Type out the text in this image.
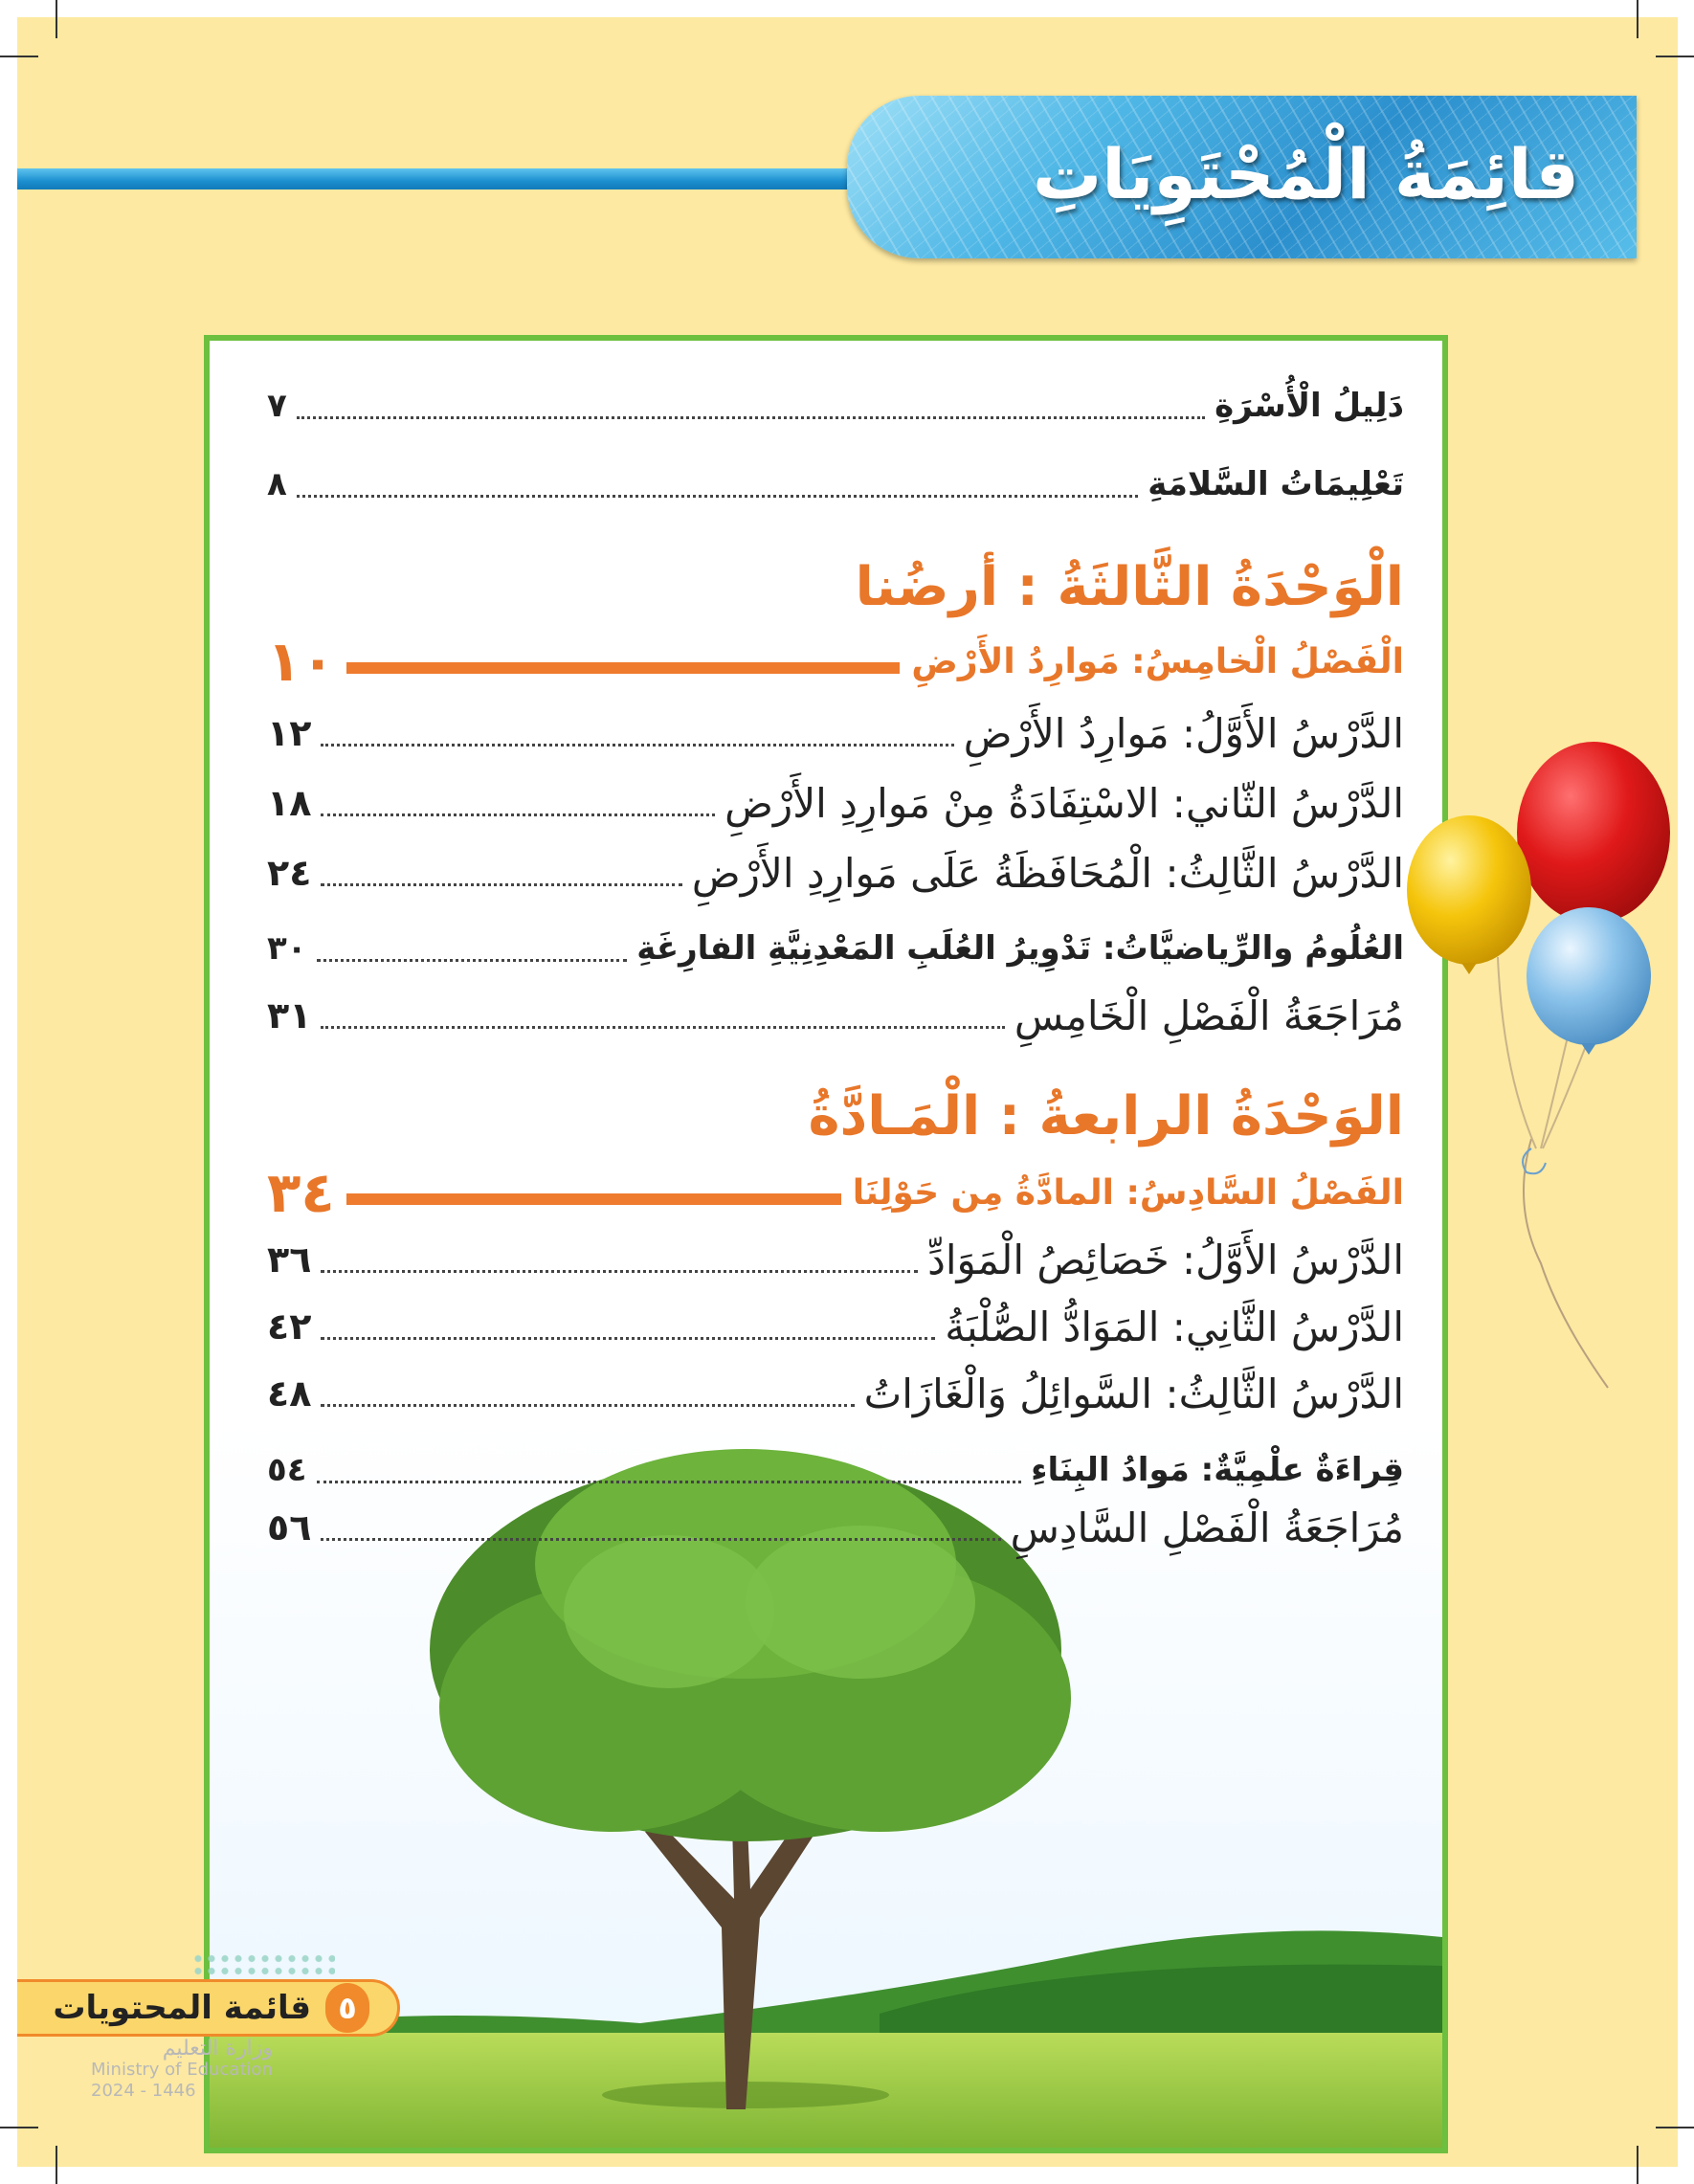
قائِمَةُ الْمُحْتَوِيَاتِ
دَلِيلُ الْأُسْرَةِ
٧
تَعْلِيمَاتُ السَّلامَةِ
٨
الْوَحْدَةُ الثَّالثَةُ : أرضُنا
الْفَصْلُ الْخامِسُ: مَوارِدُ الأَرْضِ
١٠
الدَّرْسُ الأَوَّلُ: مَوارِدُ الأَرْضِ
١٢
الدَّرْسُ الثّاني: الاسْتِفَادَةُ مِنْ مَوارِدِ الأَرْضِ
١٨
الدَّرْسُ الثَّالِثُ: الْمُحَافَظَةُ عَلَى مَوارِدِ الأَرْضِ
٢٤
العُلُومُ والرِّياضيَّاتُ: تَدْوِيرُ العُلَبِ المَعْدِنِيَّةِ الفارِغَةِ
٣٠
مُرَاجَعَةُ الْفَصْلِ الْخَامِسِ
٣١
الوَحْدَةُ الرابعةُ : الْمَـادَّةُ
الفَصْلُ السَّادِسُ: المادَّةُ مِن حَوْلِنَا
٣٤
الدَّرْسُ الأَوَّلُ: خَصَائِصُ الْمَوَادِّ
٣٦
الدَّرْسُ الثَّانِي: المَوَادُّ الصُّلْبَةُ
٤٢
الدَّرْسُ الثَّالِثُ: السَّوائِلُ وَالْغَازَاتُ
٤٨
قِراءَةٌ علْمِيَّةٌ: مَوادُ البِنَاءِ
٥٤
مُرَاجَعَةُ الْفَصْلِ السَّادِسِ
٥٦
٥
قائمة المحتويات
وزارة التعليم
Ministry of Education
2024 - 1446
